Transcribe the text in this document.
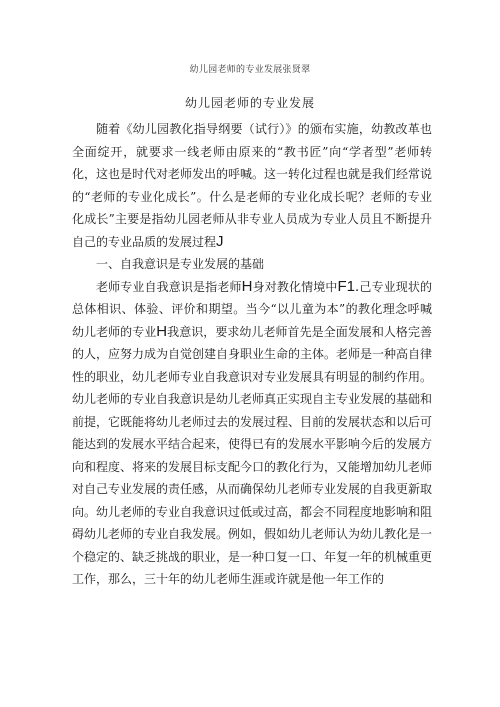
幼儿园老师的专业发展张贤翠
幼儿园老师的专业发展

随着《幼儿园教化指导纲要（试行）》的颁布实施，幼教改革也全面绽开，就要求一线老师由原来的“教书匠”向“学者型”老师转化，这也是时代对老师发出的呼喊。这一转化过程也就是我们经常说的“老师的专业化成长”。什么是老师的专业化成长呢？老师的专业化成长”主要是指幼儿园老师从非专业人员成为专业人员且不断提升自己的专业品质的发展过程J

一、自我意识是专业发展的基础

老师专业自我意识是指老师H身对教化情境中F1.己专业现状的总体相识、体验、评价和期望。当今“以儿童为本”的教化理念呼喊幼儿老师的专业H我意识，要求幼儿老师首先是全面发展和人格完善的人，应努力成为自觉创建自身职业生命的主体。老师是一种高自律性的职业，幼儿老师专业自我意识对专业发展具有明显的制约作用。幼儿老师的专业自我意识是幼儿老师真正实现自主专业发展的基础和前提，它既能将幼儿老师过去的发展过程、目前的发展状态和以后可能达到的发展水平结合起来，使得已有的发展水平影响今后的发展方向和程度、将来的发展目标支配今口的教化行为，又能增加幼儿老师对自己专业发展的责任感，从而确保幼儿老师专业发展的自我更新取向。幼儿老师的专业自我意识过低或过高，都会不同程度地影响和阻碍幼儿老师的专业自我发展。例如，假如幼儿老师认为幼儿教化是一个稳定的、缺乏挑战的职业，是一种口复一口、年复一年的机械重更工作，那么，三十年的幼儿老师生涯或许就是他一年工作的
